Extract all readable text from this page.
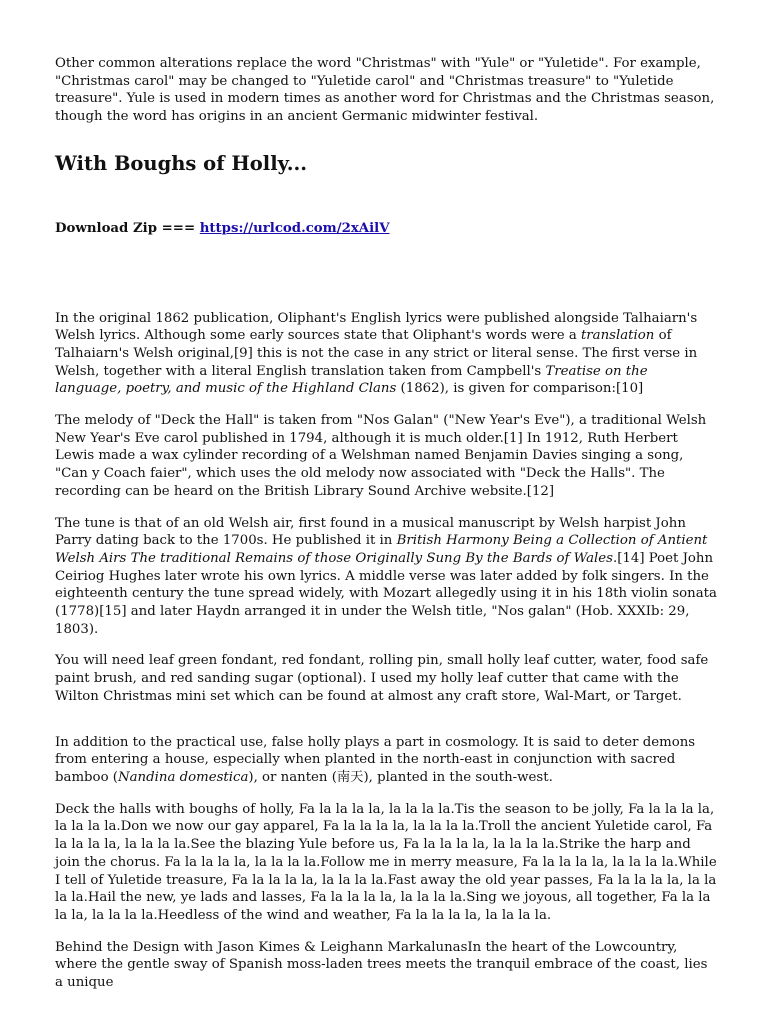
Other common alterations replace the word "Christmas" with "Yule" or "Yuletide". For example, "Christmas carol" may be changed to "Yuletide carol" and "Christmas treasure" to "Yuletide treasure". Yule is used in modern times as another word for Christmas and the Christmas season, though the word has origins in an ancient Germanic midwinter festival.

With Boughs of Holly...

Download Zip === https://urlcod.com/2xAilV

In the original 1862 publication, Oliphant's English lyrics were published alongside Talhaiarn's Welsh lyrics. Although some early sources state that Oliphant's words were a translation of Talhaiarn's Welsh original,[9] this is not the case in any strict or literal sense. The first verse in Welsh, together with a literal English translation taken from Campbell's Treatise on the language, poetry, and music of the Highland Clans (1862), is given for comparison:[10]

The melody of "Deck the Hall" is taken from "Nos Galan" ("New Year's Eve"), a traditional Welsh New Year's Eve carol published in 1794, although it is much older.[1] In 1912, Ruth Herbert Lewis made a wax cylinder recording of a Welshman named Benjamin Davies singing a song, "Can y Coach faier", which uses the old melody now associated with "Deck the Halls". The recording can be heard on the British Library Sound Archive website.[12]

The tune is that of an old Welsh air, first found in a musical manuscript by Welsh harpist John Parry dating back to the 1700s. He published it in British Harmony Being a Collection of Antient Welsh Airs The traditional Remains of those Originally Sung By the Bards of Wales.[14] Poet John Ceiriog Hughes later wrote his own lyrics. A middle verse was later added by folk singers. In the eighteenth century the tune spread widely, with Mozart allegedly using it in his 18th violin sonata (1778)[15] and later Haydn arranged it in under the Welsh title, "Nos galan" (Hob. XXXIb: 29, 1803).

You will need leaf green fondant, red fondant, rolling pin, small holly leaf cutter, water, food safe paint brush, and red sanding sugar (optional). I used my holly leaf cutter that came with the Wilton Christmas mini set which can be found at almost any craft store, Wal-Mart, or Target.

In addition to the practical use, false holly plays a part in cosmology. It is said to deter demons from entering a house, especially when planted in the north-east in conjunction with sacred bamboo (Nandina domestica), or nanten (南天), planted in the south-west.

Deck the halls with boughs of holly, Fa la la la la, la la la la.Tis the season to be jolly, Fa la la la la, la la la la.Don we now our gay apparel, Fa la la la la, la la la la.Troll the ancient Yuletide carol, Fa la la la la, la la la la.See the blazing Yule before us, Fa la la la la, la la la la.Strike the harp and join the chorus. Fa la la la la, la la la la.Follow me in merry measure, Fa la la la la, la la la la.While I tell of Yuletide treasure, Fa la la la la, la la la la.Fast away the old year passes, Fa la la la la, la la la la.Hail the new, ye lads and lasses, Fa la la la la, la la la la.Sing we joyous, all together, Fa la la la la, la la la la.Heedless of the wind and weather, Fa la la la la, la la la la.

Behind the Design with Jason Kimes & Leighann MarkalunasIn the heart of the Lowcountry, where the gentle sway of Spanish moss-laden trees meets the tranquil embrace of the coast, lies a unique
